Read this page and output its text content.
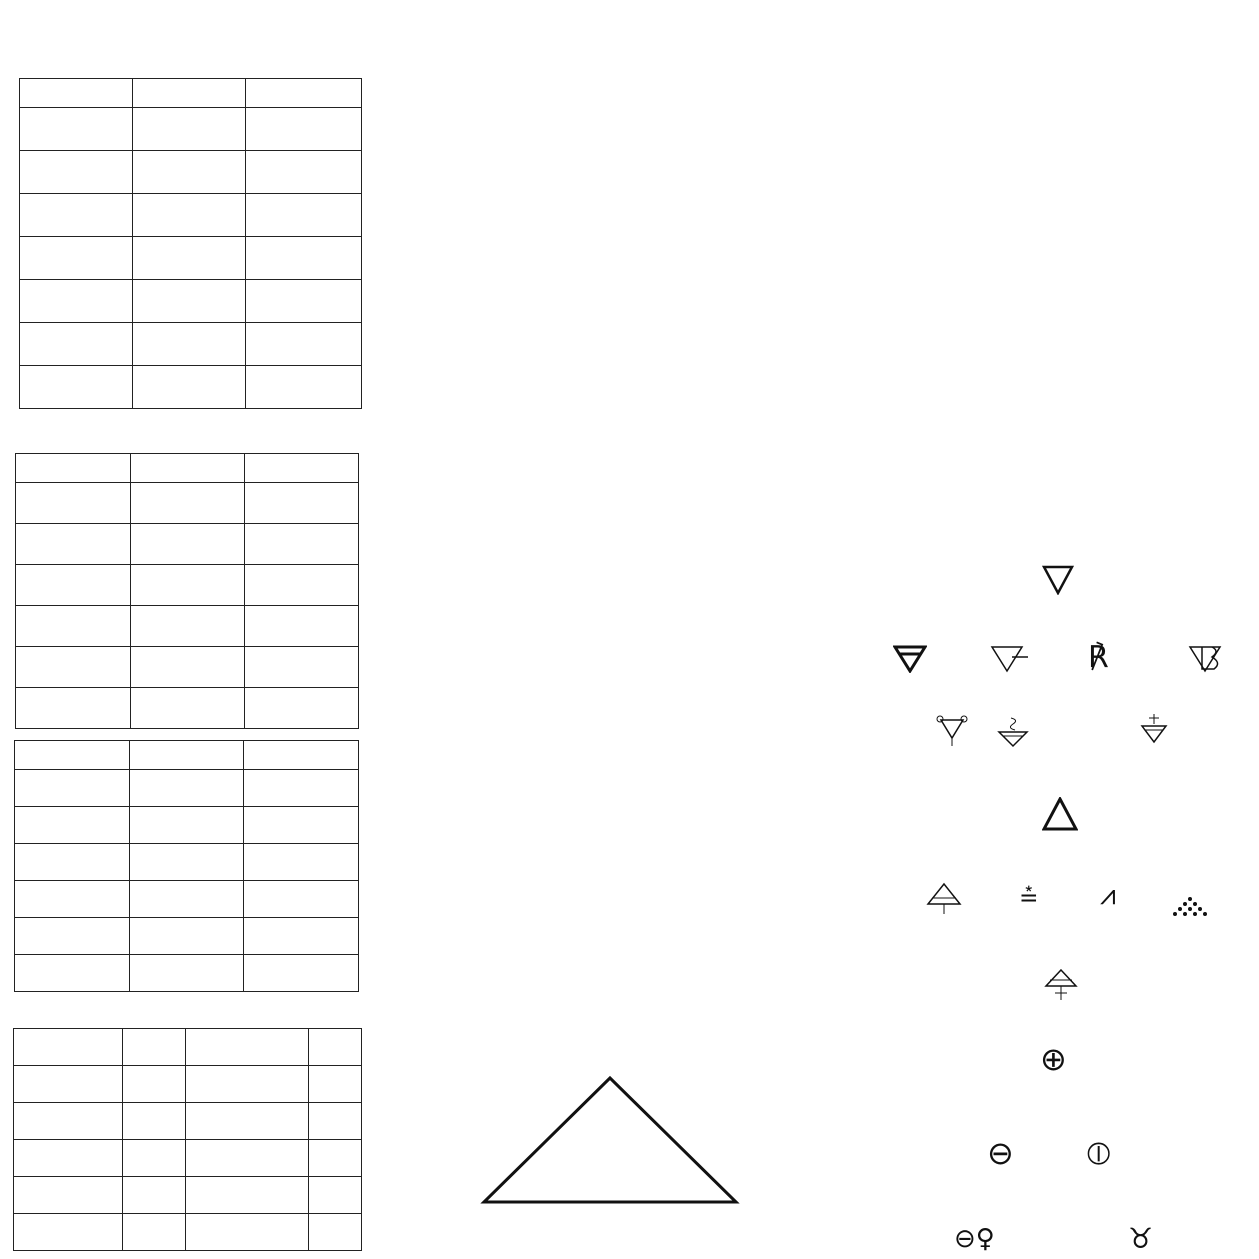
℟
⩮ ⩘
⊕
⊖ ⦶
⊖♀	♉
